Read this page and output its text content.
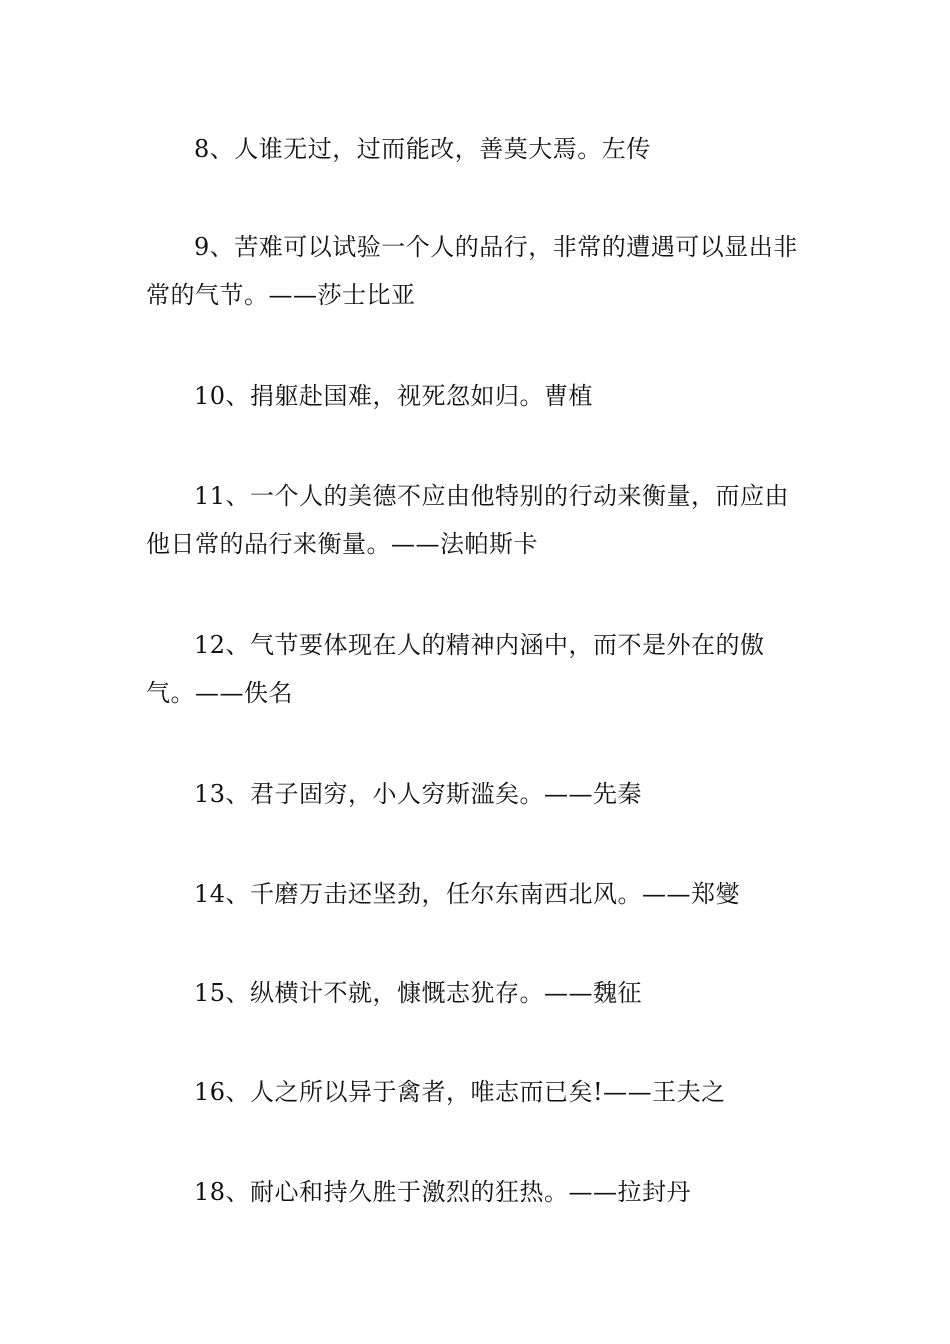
8、人谁无过，过而能改，善莫大焉。左传

9、苦难可以试验一个人的品行，非常的遭遇可以显出非常的气节。——莎士比亚

10、捐躯赴国难，视死忽如归。曹植

11、一个人的美德不应由他特别的行动来衡量，而应由他日常的品行来衡量。——法帕斯卡

12、气节要体现在人的精神内涵中，而不是外在的傲气。——佚名

13、君子固穷，小人穷斯滥矣。——先秦

14、千磨万击还坚劲，任尔东南西北风。——郑燮

15、纵横计不就，慷慨志犹存。——魏征

16、人之所以异于禽者，唯志而已矣!——王夫之

18、耐心和持久胜于激烈的狂热。——拉封丹
